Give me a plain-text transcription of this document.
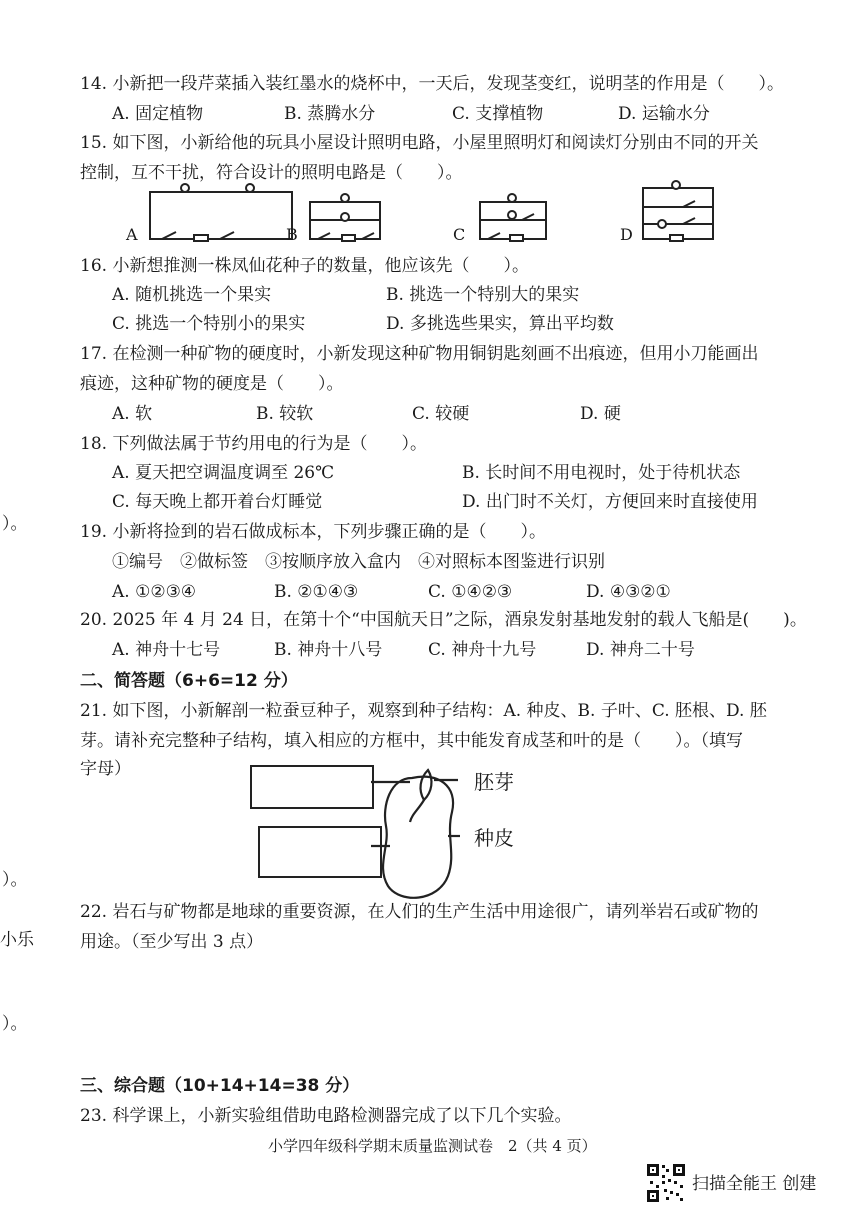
）。
）。
小乐
）。
14. 小新把一段芹菜插入装红墨水的烧杯中，一天后，发现茎变红，说明茎的作用是（　　）。
A. 固定植物	B. 蒸腾水分	C. 支撑植物	D. 运输水分
15. 如下图，小新给他的玩具小屋设计照明电路，小屋里照明灯和阅读灯分别由不同的开关
控制，互不干扰，符合设计的照明电路是（　　）。
A	B	C	D
16. 小新想推测一株凤仙花种子的数量，他应该先（　　）。
A. 随机挑选一个果实	B. 挑选一个特别大的果实
C. 挑选一个特别小的果实	D. 多挑选些果实，算出平均数
17. 在检测一种矿物的硬度时，小新发现这种矿物用铜钥匙刻画不出痕迹，但用小刀能画出
痕迹，这种矿物的硬度是（　　）。
A. 软	B. 较软	C. 较硬	D. 硬
18. 下列做法属于节约用电的行为是（　　）。
A. 夏天把空调温度调至 26℃	B. 长时间不用电视时，处于待机状态
C. 每天晚上都开着台灯睡觉	D. 出门时不关灯，方便回来时直接使用
19. 小新将捡到的岩石做成标本，下列步骤正确的是（　　）。
①编号　②做标签　③按顺序放入盒内　④对照标本图鉴进行识别
A. ①②③④	B. ②①④③	C. ①④②③	D. ④③②①
20. 2025 年 4 月 24 日，在第十个“中国航天日”之际，酒泉发射基地发射的载人飞船是(　　)。
A. 神舟十七号	B. 神舟十八号	C. 神舟十九号	D. 神舟二十号
二、简答题（6+6=12 分）
21. 如下图，小新解剖一粒蚕豆种子，观察到种子结构：A. 种皮、B. 子叶、C. 胚根、D. 胚
芽。请补充完整种子结构，填入相应的方框中，其中能发育成茎和叶的是（　　）。（填写
字母）
胚芽
种皮
22. 岩石与矿物都是地球的重要资源，在人们的生产生活中用途很广，请列举岩石或矿物的
用途。（至少写出 3 点）
三、综合题（10+14+14=38 分）
23. 科学课上，小新实验组借助电路检测器完成了以下几个实验。
小学四年级科学期末质量监测试卷　2（共 4 页）
扫描全能王 创建
